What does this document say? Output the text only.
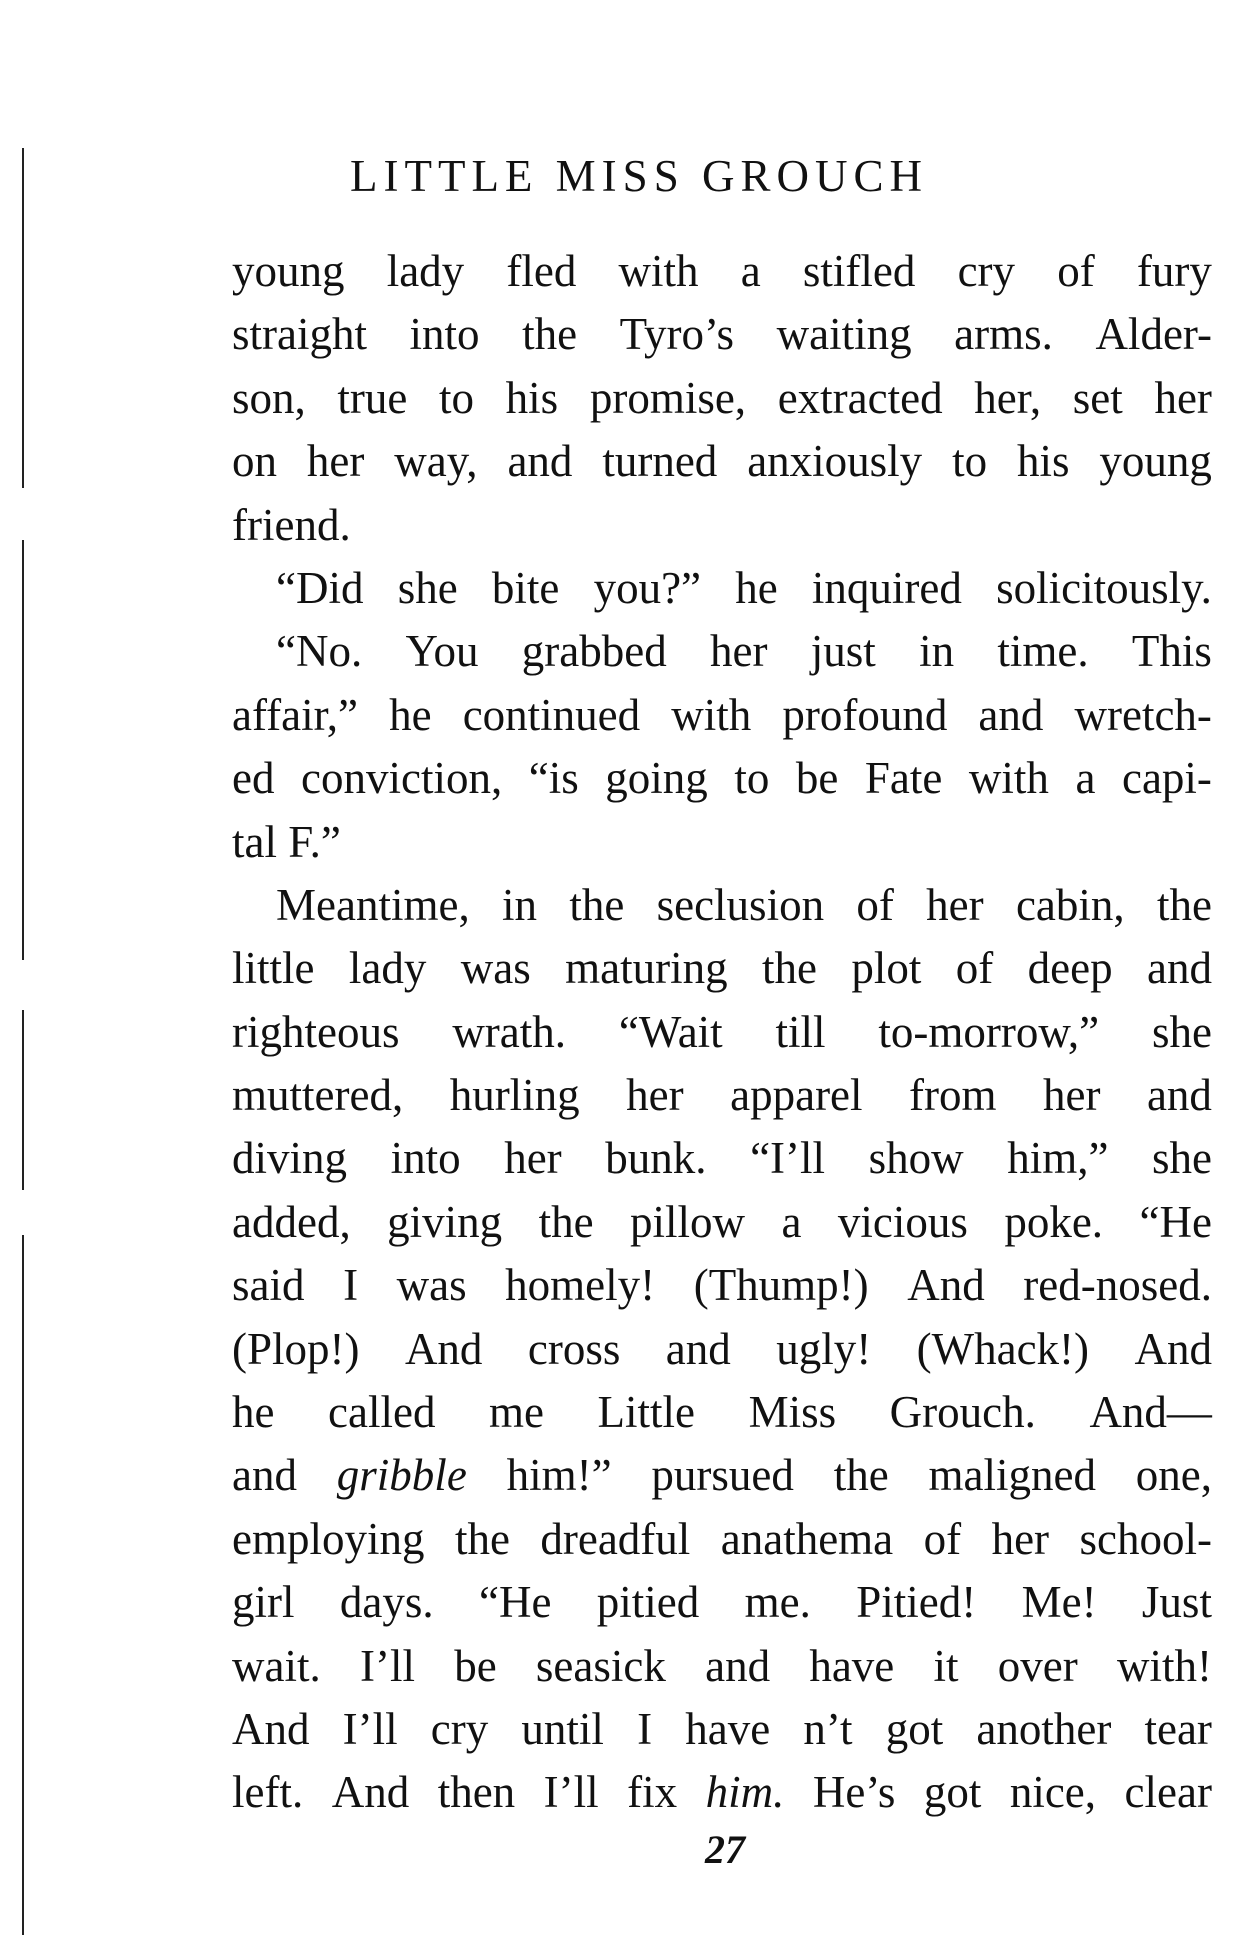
LITTLE MISS GROUCH
young lady fled with a stifled cry of fury
straight into the Tyro’s waiting arms. Alder-
son, true to his promise, extracted her, set her
on her way, and turned anxiously to his young
friend.
“Did she bite you?” he inquired solicitously.
“No. You grabbed her just in time. This
affair,” he continued with profound and wretch-
ed conviction, “is going to be Fate with a capi-
tal
F.”
Meantime, in the seclusion of her cabin, the
little lady was maturing the plot of deep and
righteous wrath. “Wait till to-morrow,” she
muttered, hurling her apparel from her and
diving into her bunk. “I’ll show him,” she
added, giving the pillow a vicious poke. “He
said I was homely! (Thump!) And red-nosed.
(Plop!) And cross and ugly! (Whack!) And
he called me Little Miss Grouch. And—
and gribble him!” pursued the maligned one,
employing the dreadful anathema of her school-
girl days. “He pitied me. Pitied! Me! Just
wait. I’ll be seasick and have it over with!
And I’ll cry until I have n’t got another tear
left. And then I’ll fix him. He’s got nice, clear
27
